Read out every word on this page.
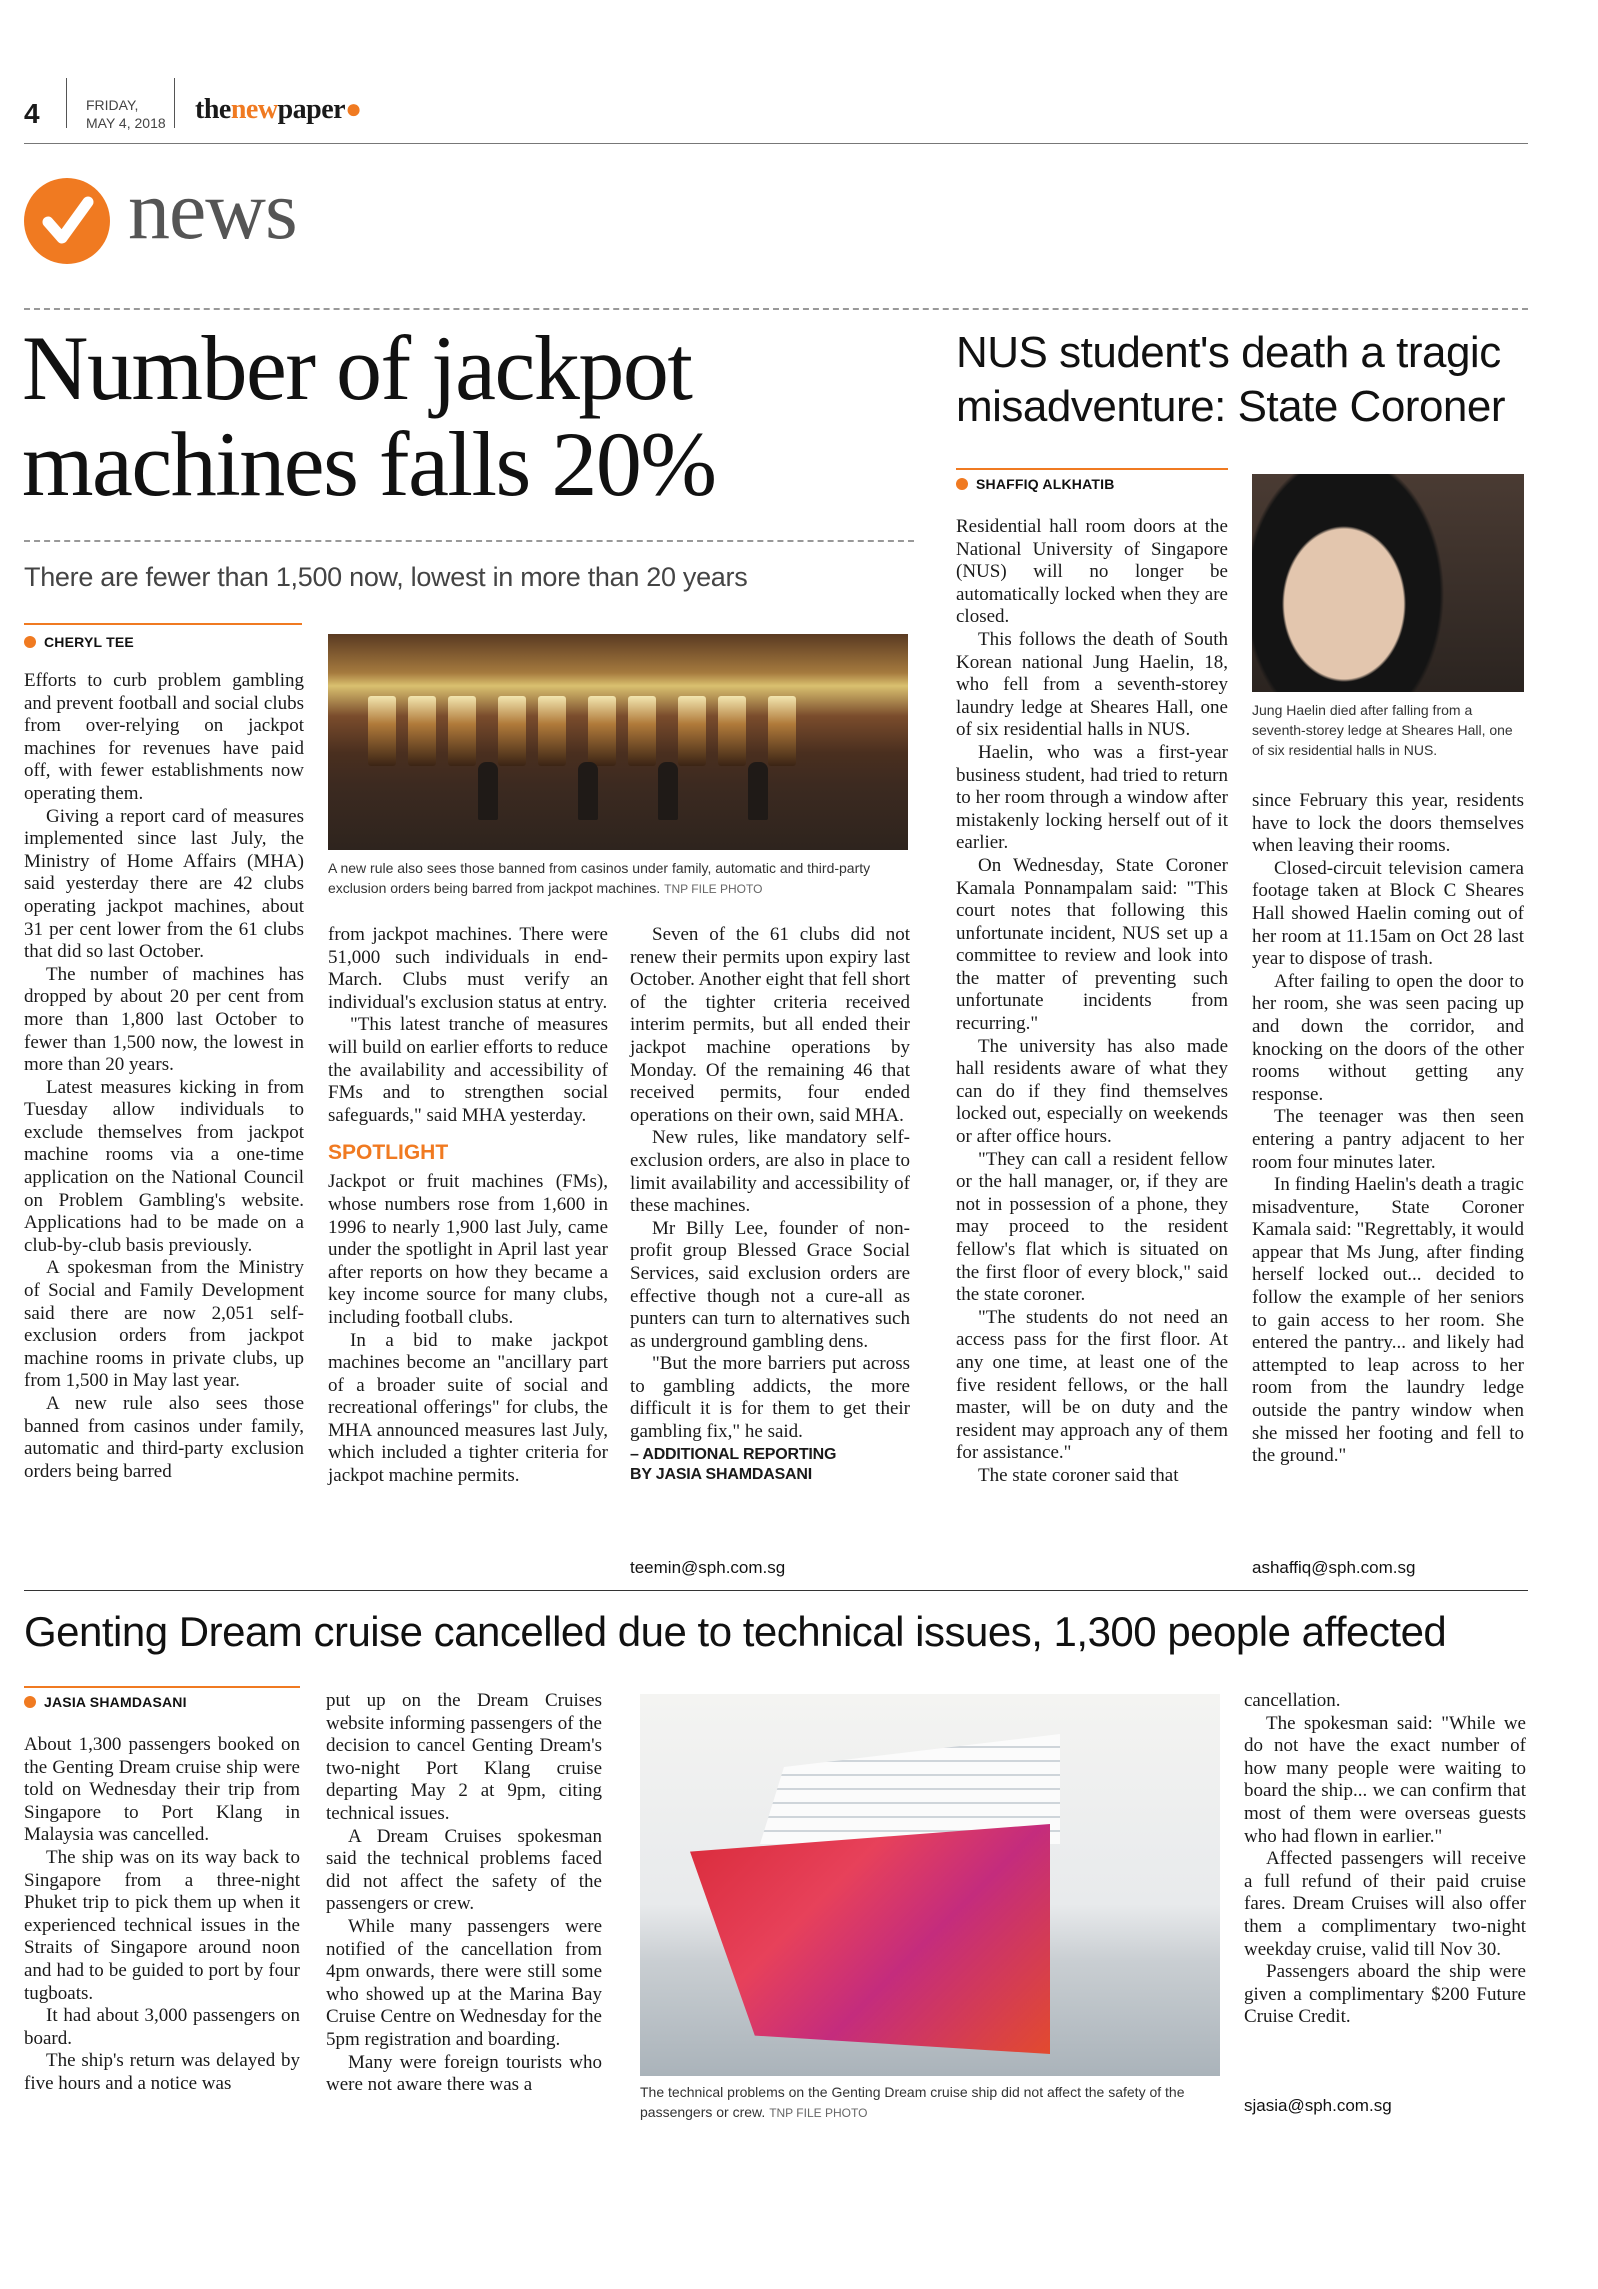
4	FRIDAY,
MAY 4, 2018 thenewpaper●
news
Number of jackpot
machines falls 20%
There are fewer than 1,500 now, lowest in more than 20 years
CHERYL TEE
A new rule also sees those banned from casinos under family, automatic and third-party exclusion orders being barred from jackpot machines. TNP FILE PHOTO

Efforts to curb problem gambling and prevent football and social clubs from over-relying on jackpot machines for revenues have paid off, with fewer establishments now operating them.

Giving a report card of measures implemented since last July, the Ministry of Home Affairs (MHA) said yesterday there are 42 clubs operating jackpot machines, about 31 per cent lower from the 61 clubs that did so last October.

The number of machines has dropped by about 20 per cent from more than 1,800 last October to fewer than 1,500 now, the lowest in more than 20 years.

Latest measures kicking in from Tuesday allow individuals to exclude themselves from jackpot machine rooms via a one-time application on the National Council on Problem Gambling's website. Applications had to be made on a club-by-club basis previously.

A spokesman from the Ministry of Social and Family Development said there are now 2,051 self-exclusion orders from jackpot machine rooms in private clubs, up from 1,500 in May last year.

A new rule also sees those banned from casinos under family, automatic and third-party exclusion orders being barred

from jackpot machines. There were 51,000 such individuals in end-March. Clubs must verify an individual's exclusion status at entry.

"This latest tranche of measures will build on earlier efforts to reduce the availability and accessibility of FMs and to strengthen social safeguards," said MHA yesterday.

SPOTLIGHT

Jackpot or fruit machines (FMs), whose numbers rose from 1,600 in 1996 to nearly 1,900 last July, came under the spotlight in April last year after reports on how they became a key income source for many clubs, including football clubs.

In a bid to make jackpot machines become an "ancillary part of a broader suite of social and recreational offerings" for clubs, the MHA announced measures last July, which included a tighter criteria for jackpot machine permits.

Seven of the 61 clubs did not renew their permits upon expiry last October. Another eight that fell short of the tighter criteria received interim permits, but all ended their jackpot machine operations by Monday. Of the remaining 46 that received permits, four ended operations on their own, said MHA.

New rules, like mandatory self-exclusion orders, are also in place to limit availability and accessibility of these machines.

Mr Billy Lee, founder of non-profit group Blessed Grace Social Services, said exclusion orders are effective though not a cure-all as punters can turn to alternatives such as underground gambling dens.

"But the more barriers put across to gambling addicts, the more difficult it is for them to get their gambling fix," he said.

– ADDITIONAL REPORTING

BY JASIA SHAMDASANI

teemin@sph.com.sg
NUS student's death a tragic
misadventure: State Coroner
SHAFFIQ ALKHATIB
Jung Haelin died after falling from a seventh-storey ledge at Sheares Hall, one of six residential halls in NUS.

Residential hall room doors at the National University of Singapore (NUS) will no longer be automatically locked when they are closed.

This follows the death of South Korean national Jung Haelin, 18, who fell from a seventh-storey laundry ledge at Sheares Hall, one of six residential halls in NUS.

Haelin, who was a first-year business student, had tried to return to her room through a window after mistakenly locking herself out of it earlier.

On Wednesday, State Coroner Kamala Ponnampalam said: "This court notes that following this unfortunate incident, NUS set up a committee to review and look into the matter of preventing such unfortunate incidents from recurring."

The university has also made hall residents aware of what they can do if they find themselves locked out, especially on weekends or after office hours.

"They can call a resident fellow or the hall manager, or, if they are not in possession of a phone, they may proceed to the resident fellow's flat which is situated on the first floor of every block," said the state coroner.

"The students do not need an access pass for the first floor. At any one time, at least one of the five resident fellows, or the hall master, will be on duty and the resident may approach any of them for assistance."

The state coroner said that

since February this year, residents have to lock the doors themselves when leaving their rooms.

Closed-circuit television camera footage taken at Block C Sheares Hall showed Haelin coming out of her room at 11.15am on Oct 28 last year to dispose of trash.

After failing to open the door to her room, she was seen pacing up and down the corridor, and knocking on the doors of the other rooms without getting any response.

The teenager was then seen entering a pantry adjacent to her room four minutes later.

In finding Haelin's death a tragic misadventure, State Coroner Kamala said: "Regrettably, it would appear that Ms Jung, after finding herself locked out... decided to follow the example of her seniors to gain access to her room. She entered the pantry... and likely had attempted to leap across to her room from the laundry ledge outside the pantry window when she missed her footing and fell to the ground."

ashaffiq@sph.com.sg
Genting Dream cruise cancelled due to technical issues, 1,300 people affected
JASIA SHAMDASANI

About 1,300 passengers booked on the Genting Dream cruise ship were told on Wednesday their trip from Singapore to Port Klang in Malaysia was cancelled.

The ship was on its way back to Singapore from a three-night Phuket trip to pick them up when it experienced technical issues in the Straits of Singapore around noon and had to be guided to port by four tugboats.

It had about 3,000 passengers on board.

The ship's return was delayed by five hours and a notice was

put up on the Dream Cruises website informing passengers of the decision to cancel Genting Dream's two-night Port Klang cruise departing May 2 at 9pm, citing technical issues.

A Dream Cruises spokesman said the technical problems faced did not affect the safety of the passengers or crew.

While many passengers were notified of the cancellation from 4pm onwards, there were still some who showed up at the Marina Bay Cruise Centre on Wednesday for the 5pm registration and boarding.

Many were foreign tourists who were not aware there was a	The technical problems on the Genting Dream cruise ship did not affect the safety of the passengers or crew. TNP FILE PHOTO

cancellation.

The spokesman said: "While we do not have the exact number of how many people were waiting to board the ship... we can confirm that most of them were overseas guests who had flown in earlier."

Affected passengers will receive a full refund of their paid cruise fares. Dream Cruises will also offer them a complimentary two-night weekday cruise, valid till Nov 30.

Passengers aboard the ship were given a complimentary $200 Future Cruise Credit.

sjasia@sph.com.sg
